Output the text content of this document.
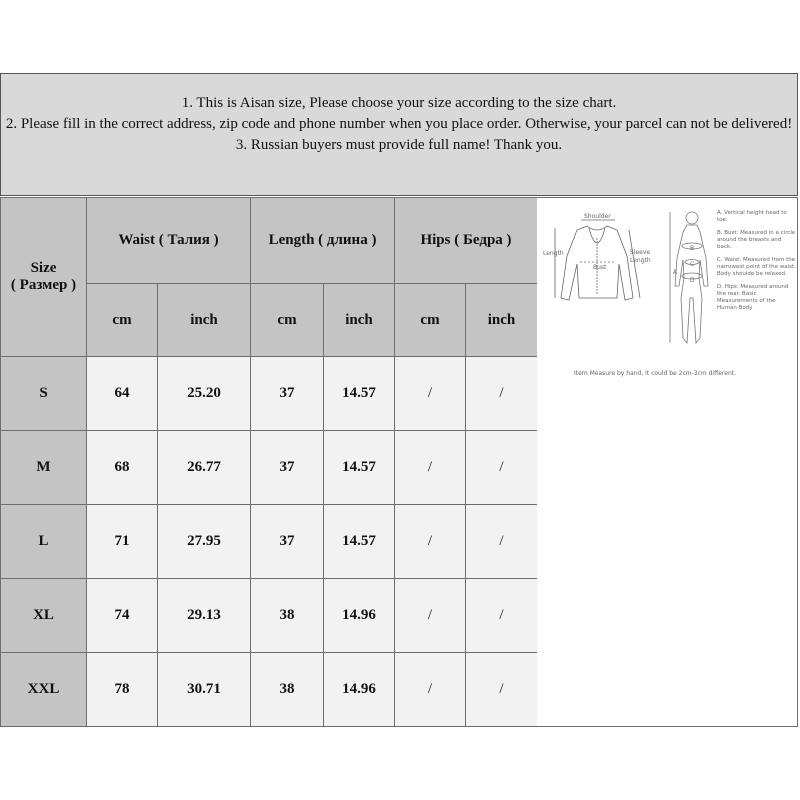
1. This is Aisan size, Please choose your size according to the size chart.
2. Please fill in the correct address, zip code and phone number when you place order. Otherwise, your parcel can not be delivered!
3. Russian buyers must provide full name! Thank you.
Size
( Размер )	Waist ( Талия )		Length ( длина )		Hips ( Бедра )	
	cm	inch	cm	inch	cm	inch
S	64	25.20	37	14.57	/	/
M	68	26.77	37	14.57	/	/
L	71	27.95	37	14.57	/	/
XL	74	29.13	38	14.96	/	/
XXL	78	30.71	38	14.96	/	/
Shoulder
Length
Bust
Sleeve
Length
A
B
C
D
A. Vertical height head to toe.
B. Bust: Measured in a circle around the breasts and back.
C. Waist: Measured from the narrowest point of the waist. Body shoulde be relaxed.
D. Hips: Measured around the rear. Basic Measurements of the Human Body
Item Measure by hand, it could be 2cm-3cm different.
